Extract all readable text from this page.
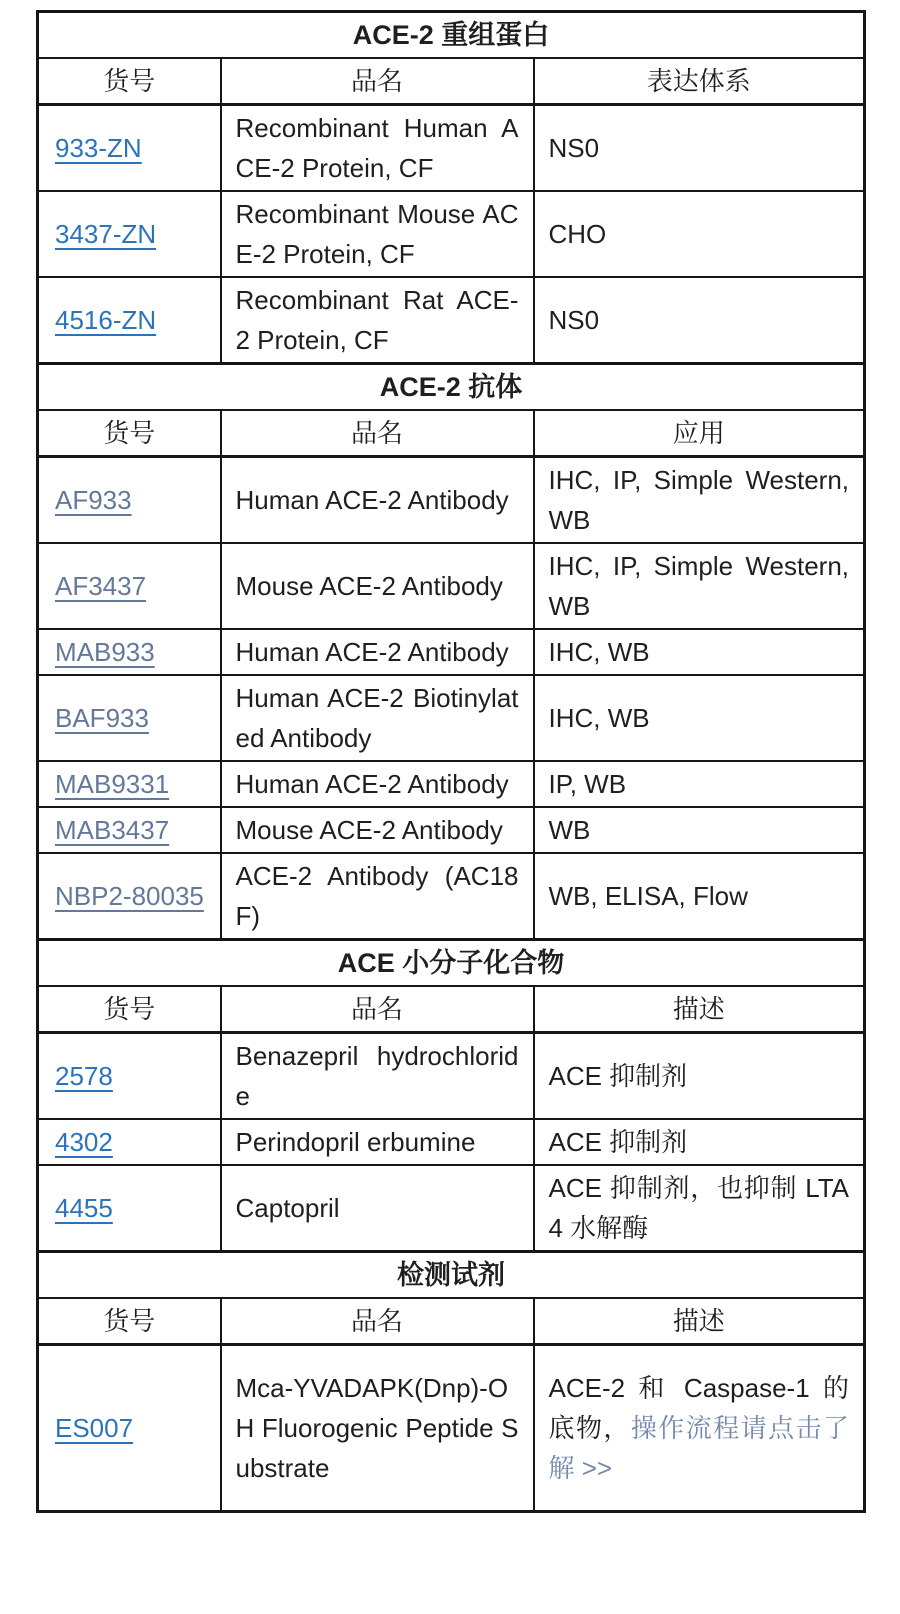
ACE-2 重组蛋白		
货号	品名	表达体系
933-ZN	Recombinant Human ACE-2 Protein, CF	NS0
3437-ZN	Recombinant Mouse ACE-2 Protein, CF	CHO
4516-ZN	Recombinant Rat ACE-2 Protein, CF	NS0
ACE-2 抗体		
货号	品名	应用
AF933	Human ACE-2 Antibody	IHC, IP, Simple Western, WB
AF3437	Mouse ACE-2 Antibody	IHC, IP, Simple Western, WB
MAB933	Human ACE-2 Antibody	IHC, WB
BAF933	Human ACE-2 Biotinylated Antibody	IHC, WB
MAB9331	Human ACE-2 Antibody	IP, WB
MAB3437	Mouse ACE-2 Antibody	WB
NBP2-80035	ACE-2 Antibody (AC18F)	WB, ELISA, Flow
ACE 小分子化合物		
货号	品名	描述
2578	Benazepril hydrochloride	ACE 抑制剂
4302	Perindopril erbumine	ACE 抑制剂
4455	Captopril	ACE 抑制剂，也抑制 LTA4 水解酶
检测试剂		
货号	品名	描述
ES007	Mca-YVADAPK(Dnp)-OH Fluorogenic Peptide Substrate	ACE-2 和 Caspase-1 的底物，操作流程请点击了解 >>
